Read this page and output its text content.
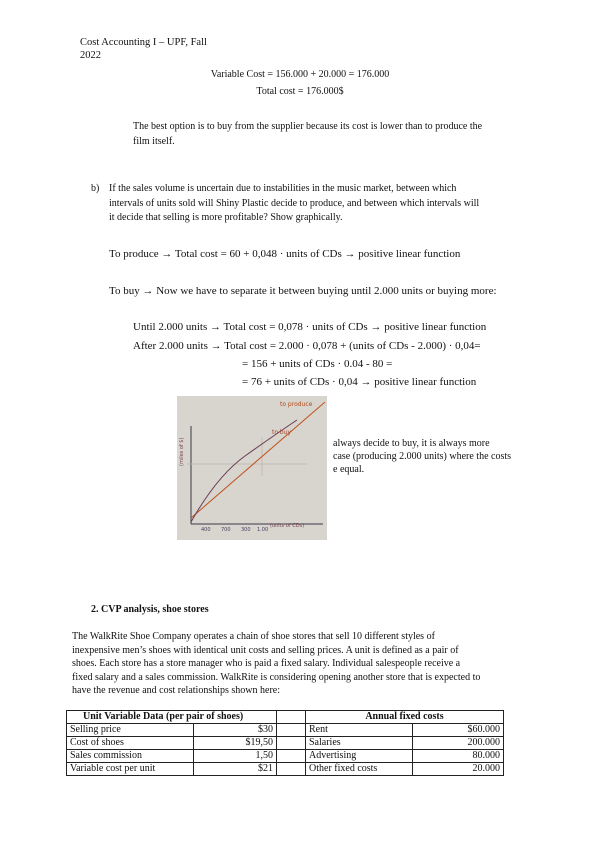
Cost Accounting I – UPF, Fall
2022
Variable Cost = 156.000 + 20.000 = 176.000
Total cost = 176.000$
The best option is to buy from the supplier because its cost is lower than to produce the
film itself.
b) If the sales volume is uncertain due to instabilities in the music market, between which
intervals of units sold will Shiny Plastic decide to produce, and between which intervals will
it decide that selling is more profitable? Show graphically.
To produce → Total cost = 60 + 0,048 · units of CDs → positive linear function
To buy → Now we have to separate it between buying until 2.000 units or buying more:
Until 2.000 units → Total cost = 0,078 · units of CDs → positive linear function
After 2.000 units → Total cost = 2.000 · 0,078 + (units of CDs - 2.000) · 0,04=
= 156 + units of CDs · 0.04 - 80 =
= 76 + units of CDs · 0,04 → positive linear function
to produce
to buy
(miles of $)
(units of CDs)
400 700 300 1.00
always decide to buy, it is always more
case (producing 2.000 units) where the costs
e equal.
2. CVP analysis, shoe stores
The WalkRite Shoe Company operates a chain of shoe stores that sell 10 different styles of
inexpensive men’s shoes with identical unit costs and selling prices. A unit is defined as a pair of
shoes. Each store has a store manager who is paid a fixed salary. Individual salespeople receive a
fixed salary and a sales commission. WalkRite is considering opening another store that is expected to
have the revenue and cost relationships shown here:
Unit Variable Data (per pair of shoes)			Annual fixed costs	
Selling price	$30		Rent	$60.000
Cost of shoes	$19,50		Salaries	200.000
Sales commission	1,50		Advertising	80.000
Variable cost per unit	$21		Other fixed costs	20.000
